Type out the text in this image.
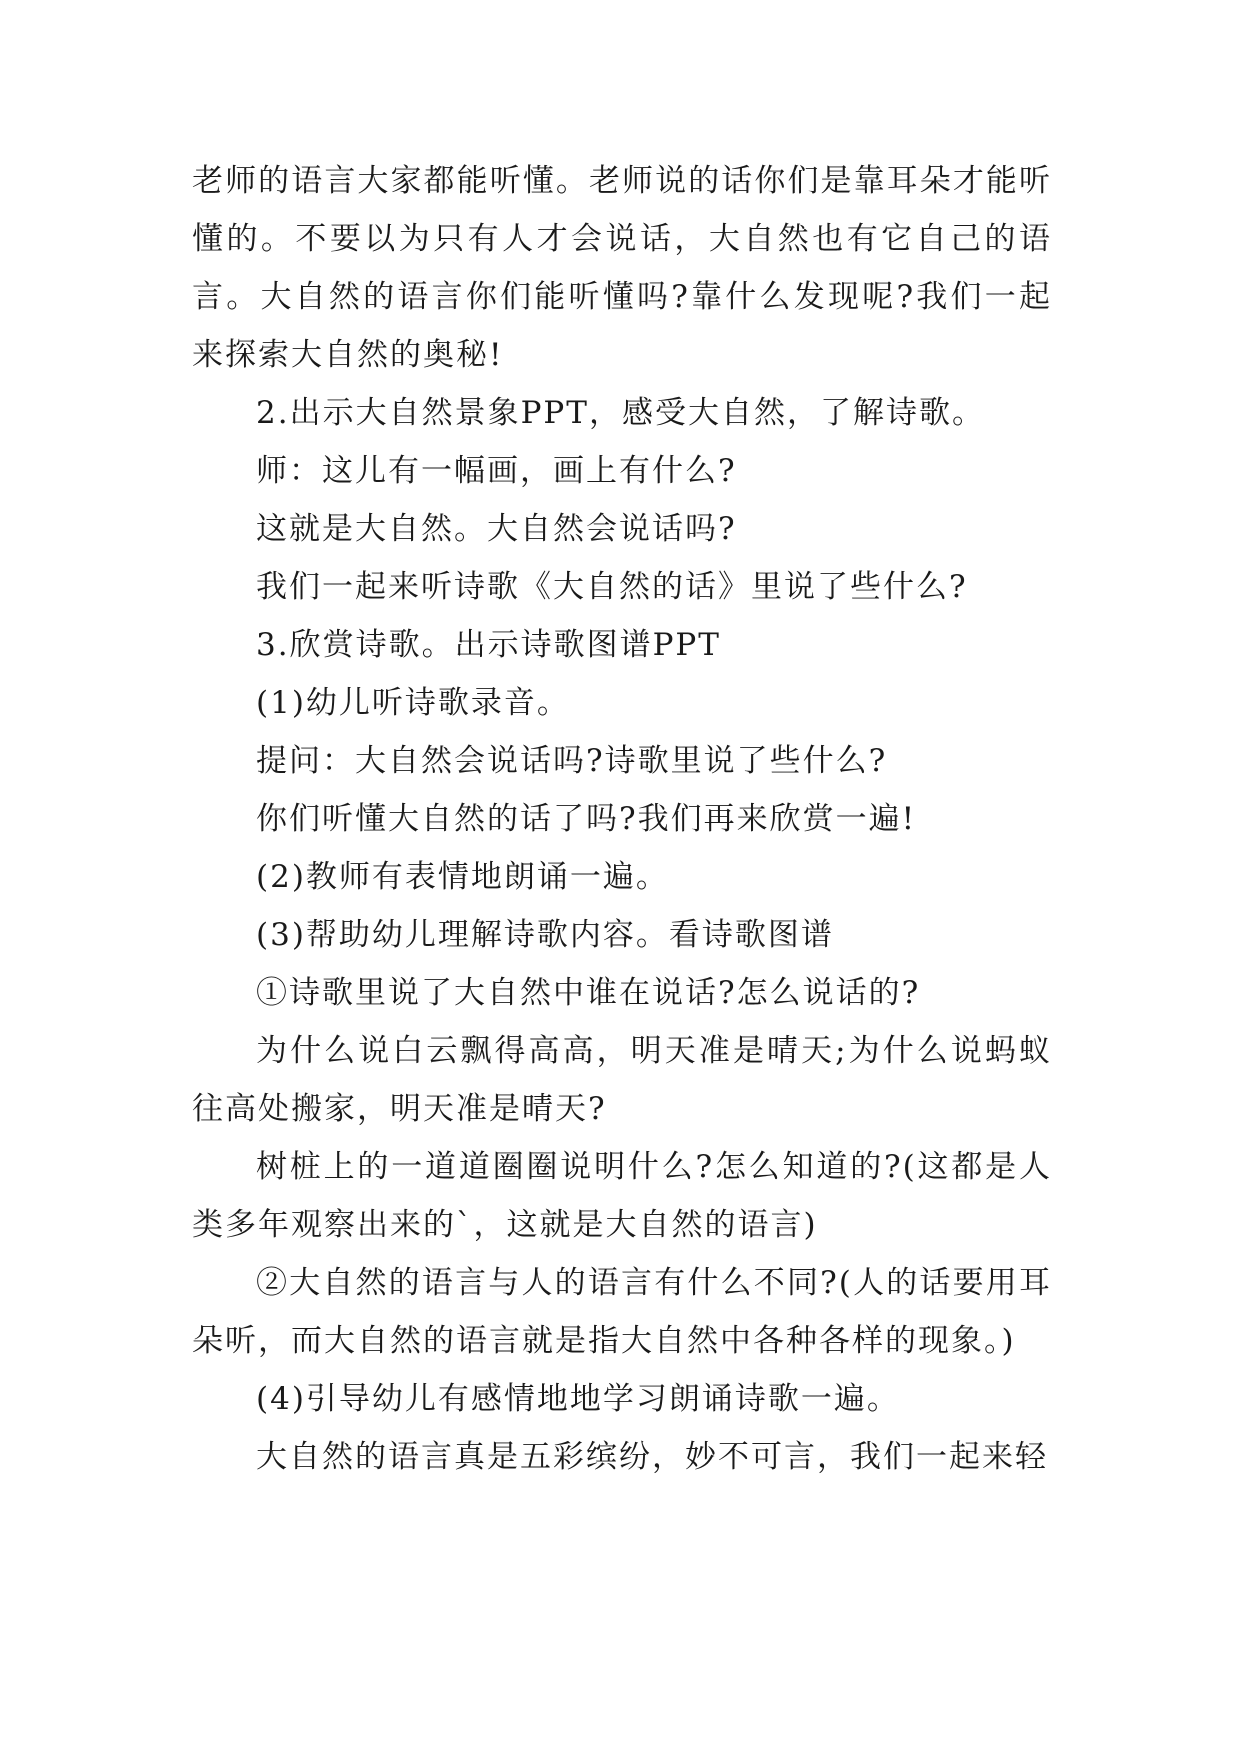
老师的语言大家都能听懂。老师说的话你们是靠耳朵才能听懂的。不要以为只有人才会说话，大自然也有它自己的语言。大自然的语言你们能听懂吗?靠什么发现呢?我们一起来探索大自然的奥秘!

2.出示大自然景象PPT，感受大自然，了解诗歌。

师：这儿有一幅画，画上有什么?

这就是大自然。大自然会说话吗?

我们一起来听诗歌《大自然的话》里说了些什么?

3.欣赏诗歌。出示诗歌图谱PPT

(1)幼儿听诗歌录音。

提问：大自然会说话吗?诗歌里说了些什么?

你们听懂大自然的话了吗?我们再来欣赏一遍!

(2)教师有表情地朗诵一遍。

(3)帮助幼儿理解诗歌内容。看诗歌图谱

①诗歌里说了大自然中谁在说话?怎么说话的?

为什么说白云飘得高高，明天准是晴天;为什么说蚂蚁往高处搬家，明天准是晴天?

树桩上的一道道圈圈说明什么?怎么知道的?(这都是人类多年观察出来的`，这就是大自然的语言)

②大自然的语言与人的语言有什么不同?(人的话要用耳朵听，而大自然的语言就是指大自然中各种各样的现象。)

(4)引导幼儿有感情地地学习朗诵诗歌一遍。

大自然的语言真是五彩缤纷，妙不可言，我们一起来轻
